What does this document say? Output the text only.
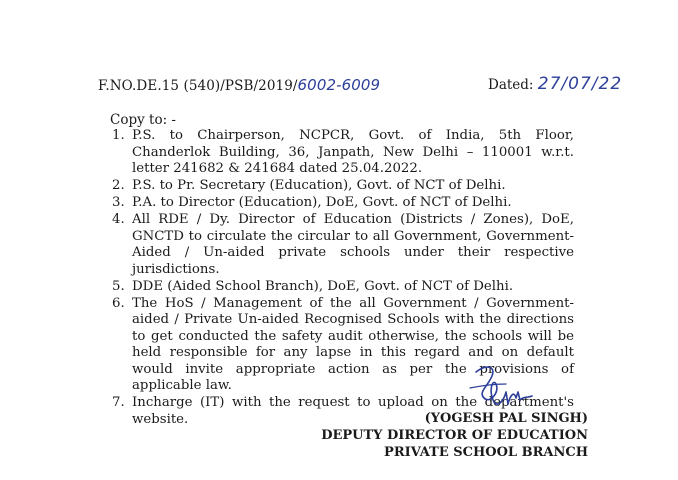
F.NO.DE.15 (540)/PSB/2019/6002-6009	Dated: 27/07/22
Copy to: -
1. P.S. to Chairperson, NCPCR, Govt. of India, 5th Floor, Chanderlok Building, 36, Janpath, New Delhi – 110001 w.r.t. letter 241682 & 241684 dated 25.04.2022.
2. P.S. to Pr. Secretary (Education), Govt. of NCT of Delhi.
3. P.A. to Director (Education), DoE, Govt. of NCT of Delhi.
4. All RDE / Dy. Director of Education (Districts / Zones), DoE, GNCTD to circulate the circular to all Government, Government-Aided / Un-aided private schools under their respective jurisdictions.
5. DDE (Aided School Branch), DoE, Govt. of NCT of Delhi.
6. The HoS / Management of the all Government / Government-aided / Private Un-aided Recognised Schools with the directions to get conducted the safety audit otherwise, the schools will be held responsible for any lapse in this regard and on default would invite appropriate action as per the provisions of applicable law.
7. Incharge (IT) with the request to upload on the department's website.	(YOGESH PAL SINGH)
DEPUTY DIRECTOR OF EDUCATION
PRIVATE SCHOOL BRANCH
